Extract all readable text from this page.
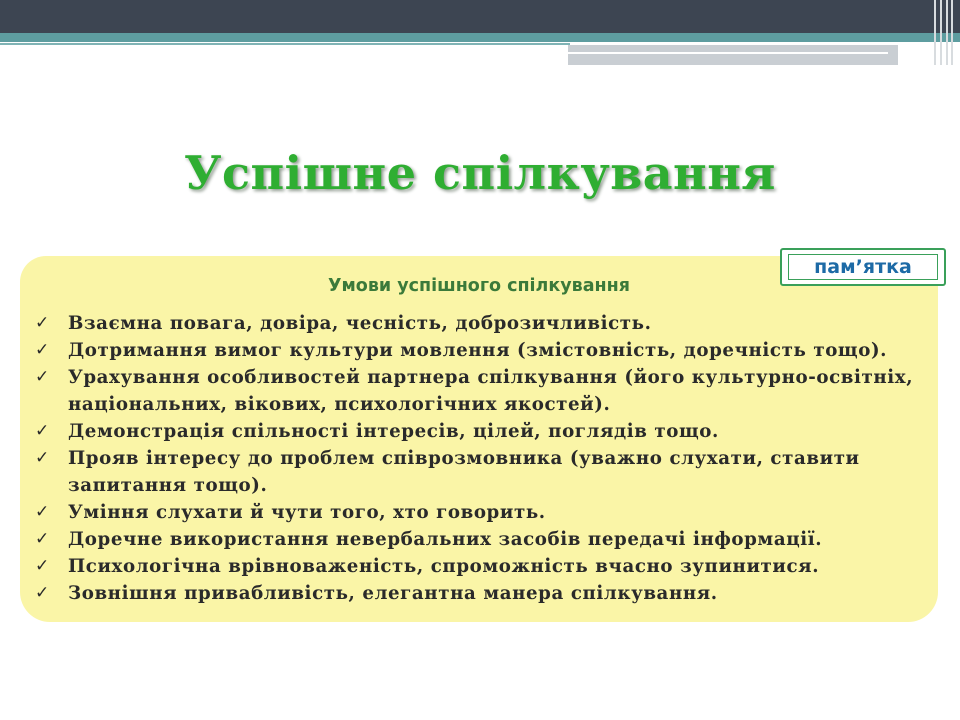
Успішне спілкування
пам’ятка
Умови успішного спілкування
✓ Взаємна повага, довіра, чесність, доброзичливість.
✓ Дотримання вимог культури мовлення (змістовність, доречність тощо).
✓ Урахування особливостей партнера спілкування (його культурно-освітніх, національних, вікових, психологічних якостей).
✓ Демонстрація спільності інтересів, цілей, поглядів тощо.
✓ Прояв інтересу до проблем співрозмовника (уважно слухати, ставити запитання тощо).
✓ Уміння слухати й чути того, хто говорить.
✓ Доречне використання невербальних засобів передачі інформації.
✓ Психологічна врівноваженість, спроможність вчасно зупинитися.
✓ Зовнішня привабливість, елегантна манера спілкування.
